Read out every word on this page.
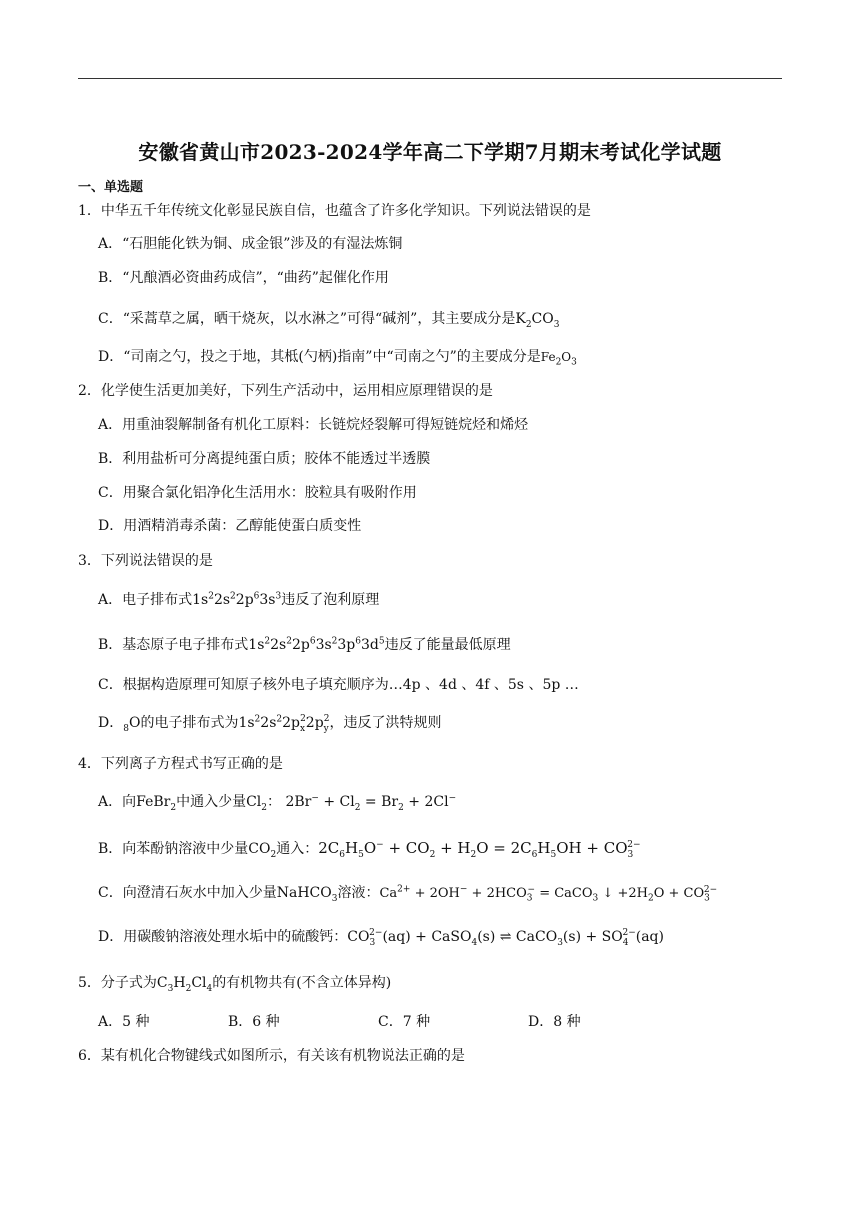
安徽省黄山市2023-2024学年高二下学期7月期末考试化学试题
一、单选题
1．中华五千年传统文化彰显民族自信，也蕴含了许多化学知识。下列说法错误的是
A．“石胆能化铁为铜、成金银”涉及的有湿法炼铜
B．“凡酿酒必资曲药成信”，“曲药”起催化作用
C．“采蒿草之属，晒干烧灰，以水淋之”可得“碱剂”，其主要成分是$K_2CO_3$
D．“司南之勺，投之于地，其柢(勺柄)指南”中“司南之勺”的主要成分是$Fe_2O_3$
2．化学使生活更加美好，下列生产活动中，运用相应原理错误的是
A．用重油裂解制备有机化工原料：长链烷烃裂解可得短链烷烃和烯烃
B．利用盐析可分离提纯蛋白质；胶体不能透过半透膜
C．用聚合氯化铝净化生活用水：胶粒具有吸附作用
D．用酒精消毒杀菌：乙醇能使蛋白质变性
3．下列说法错误的是
A．电子排布式$1s^22s^22p^63s^3$违反了泡利原理
B．基态原子电子排布式$1s^22s^22p^63s^23p^63d^5$违反了能量最低原理
C．根据构造原理可知原子核外电子填充顺序为…4p 、4d 、4f 、5s 、5p …
D．$_8$O的电子排布式为$1s^22s^22p_x^22p_y^2$，违反了洪特规则
4．下列离子方程式书写正确的是
A．向FeBr$_2$中通入少量$Cl_2$： $2Br^- + Cl_2 = Br_2 + 2Cl^-$
B．向苯酚钠溶液中少量$CO_2$通入：$2C_6H_5O^- + CO_2 + H_2O = 2C_6H_5OH + CO_3^{2-}$
C．向澄清石灰水中加入少量NaHCO$_3$溶液：$Ca^{2+} + 2OH^- + 2HCO_3^-$ = CaCO$_3$ ↓ $+2H_2O + CO_3^{2-}$
D．用碳酸钠溶液处理水垢中的硫酸钙：$CO_3^{2-}(aq)$ + CaSO$_4$(s) ⇌ CaCO$_3$(s) + $SO_4^{2-}(aq)$
5．分子式为$C_3H_2Cl_4$的有机物共有(不含立体异构)
A．5 种	B．6 种	C．7 种	D．8 种
6．某有机化合物键线式如图所示，有关该有机物说法正确的是
